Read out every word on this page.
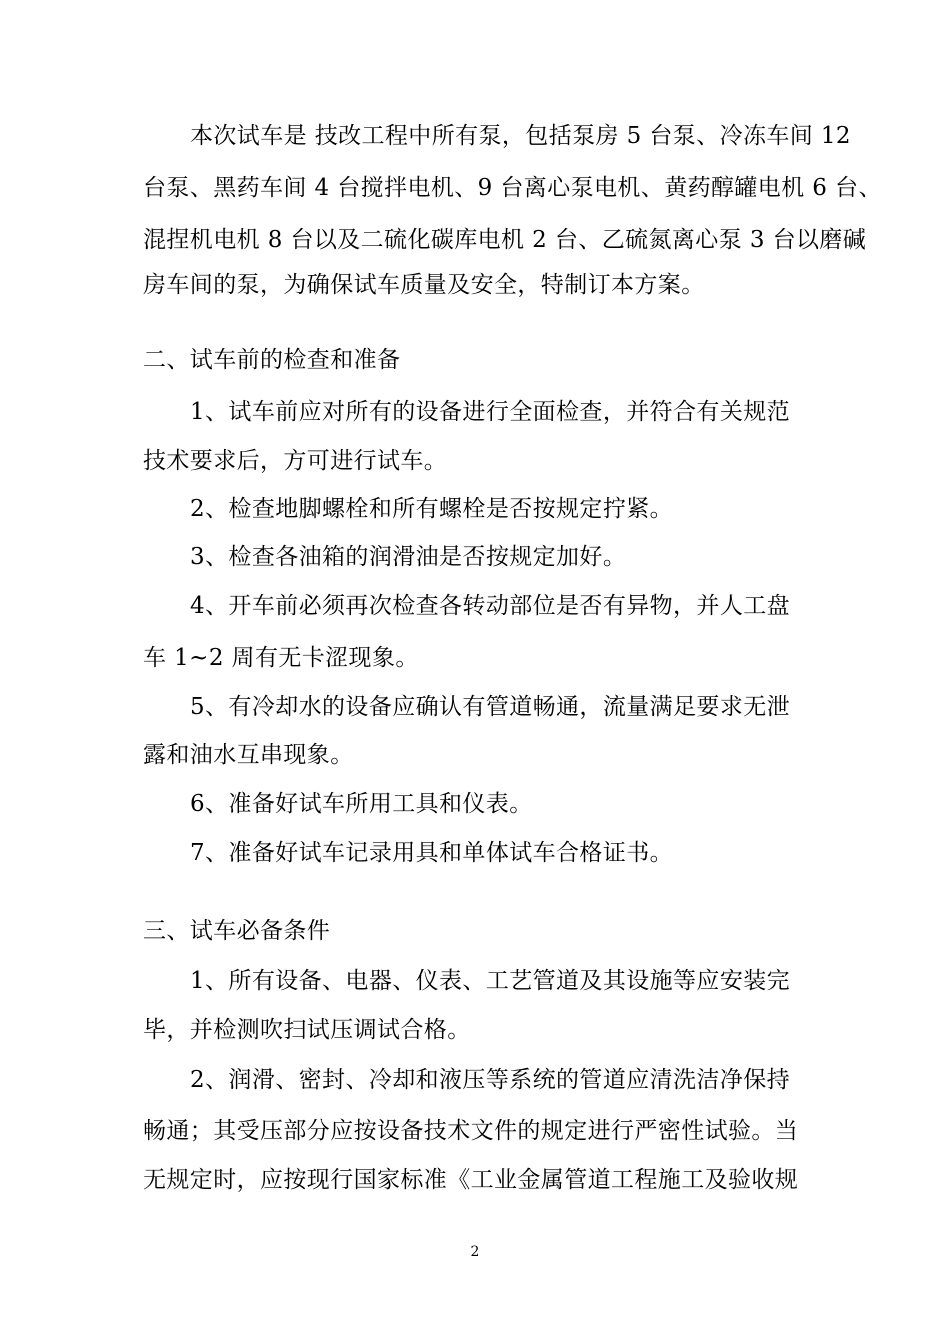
本次试车是 技改工程中所有泵，包括泵房 5 台泵、冷冻车间 12
台泵、黑药车间 4 台搅拌电机、9 台离心泵电机、黄药醇罐电机 6 台、
混捏机电机 8 台以及二硫化碳库电机 2 台、乙硫氮离心泵 3 台以磨碱
房车间的泵，为确保试车质量及安全，特制订本方案。
二、试车前的检查和准备
1、试车前应对所有的设备进行全面检查，并符合有关规范
技术要求后，方可进行试车。
2、检查地脚螺栓和所有螺栓是否按规定拧紧。
3、检查各油箱的润滑油是否按规定加好。
4、开车前必须再次检查各转动部位是否有异物，并人工盘
车 1~2 周有无卡涩现象。
5、有冷却水的设备应确认有管道畅通，流量满足要求无泄
露和油水互串现象。
6、准备好试车所用工具和仪表。
7、准备好试车记录用具和单体试车合格证书。
三、试车必备条件
1、所有设备、电器、仪表、工艺管道及其设施等应安装完
毕，并检测吹扫试压调试合格。
2、润滑、密封、冷却和液压等系统的管道应清洗洁净保持
畅通；其受压部分应按设备技术文件的规定进行严密性试验。当
无规定时，应按现行国家标准《工业金属管道工程施工及验收规
2
